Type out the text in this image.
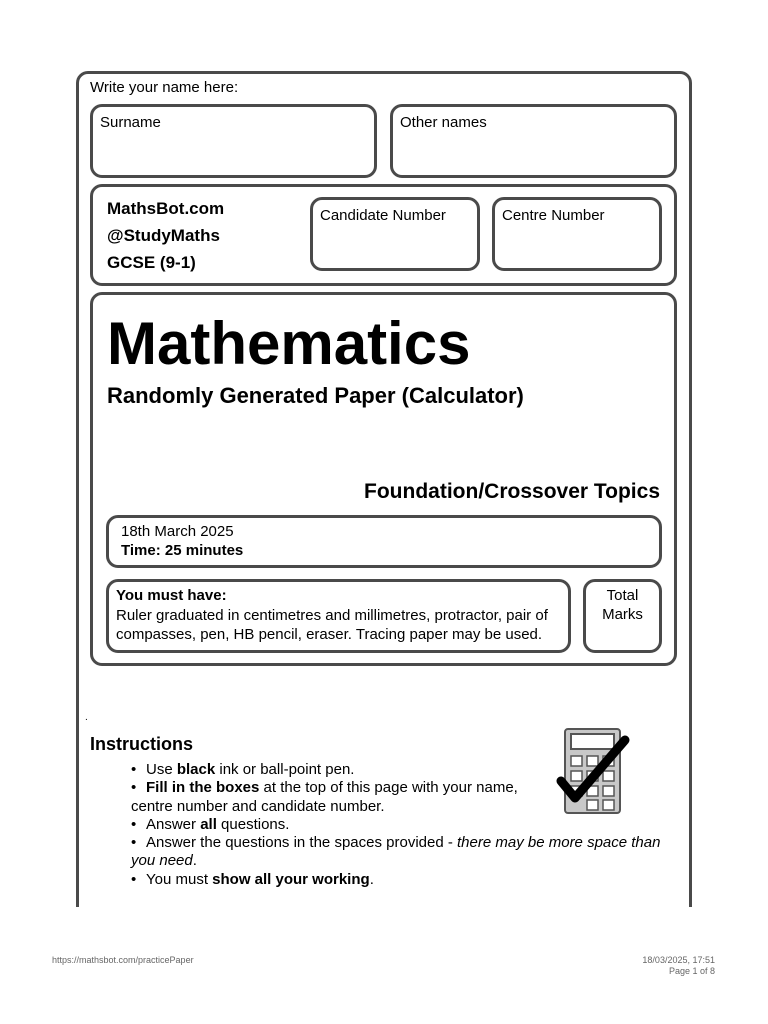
Write your name here:
Surname	Other names
MathsBot.com
@StudyMaths
GCSE (9-1)
Candidate Number	Centre Number
Mathematics
Randomly Generated Paper (Calculator)
Foundation/Crossover Topics
18th March 2025
Time: 25 minutes
You must have:
Ruler graduated in centimetres and millimetres, protractor, pair of compasses, pen, HB pencil, eraser. Tracing paper may be used.
Total
Marks
.
Instructions
• Use black ink or ball-point pen.
• Fill in the boxes at the top of this page with your name, centre number and candidate number.
• Answer all questions.
• Answer the questions in the spaces provided - there may be more space than you need.
• You must show all your working.
https://mathsbot.com/practicePaper	18/03/2025, 17:51
Page 1 of 8
